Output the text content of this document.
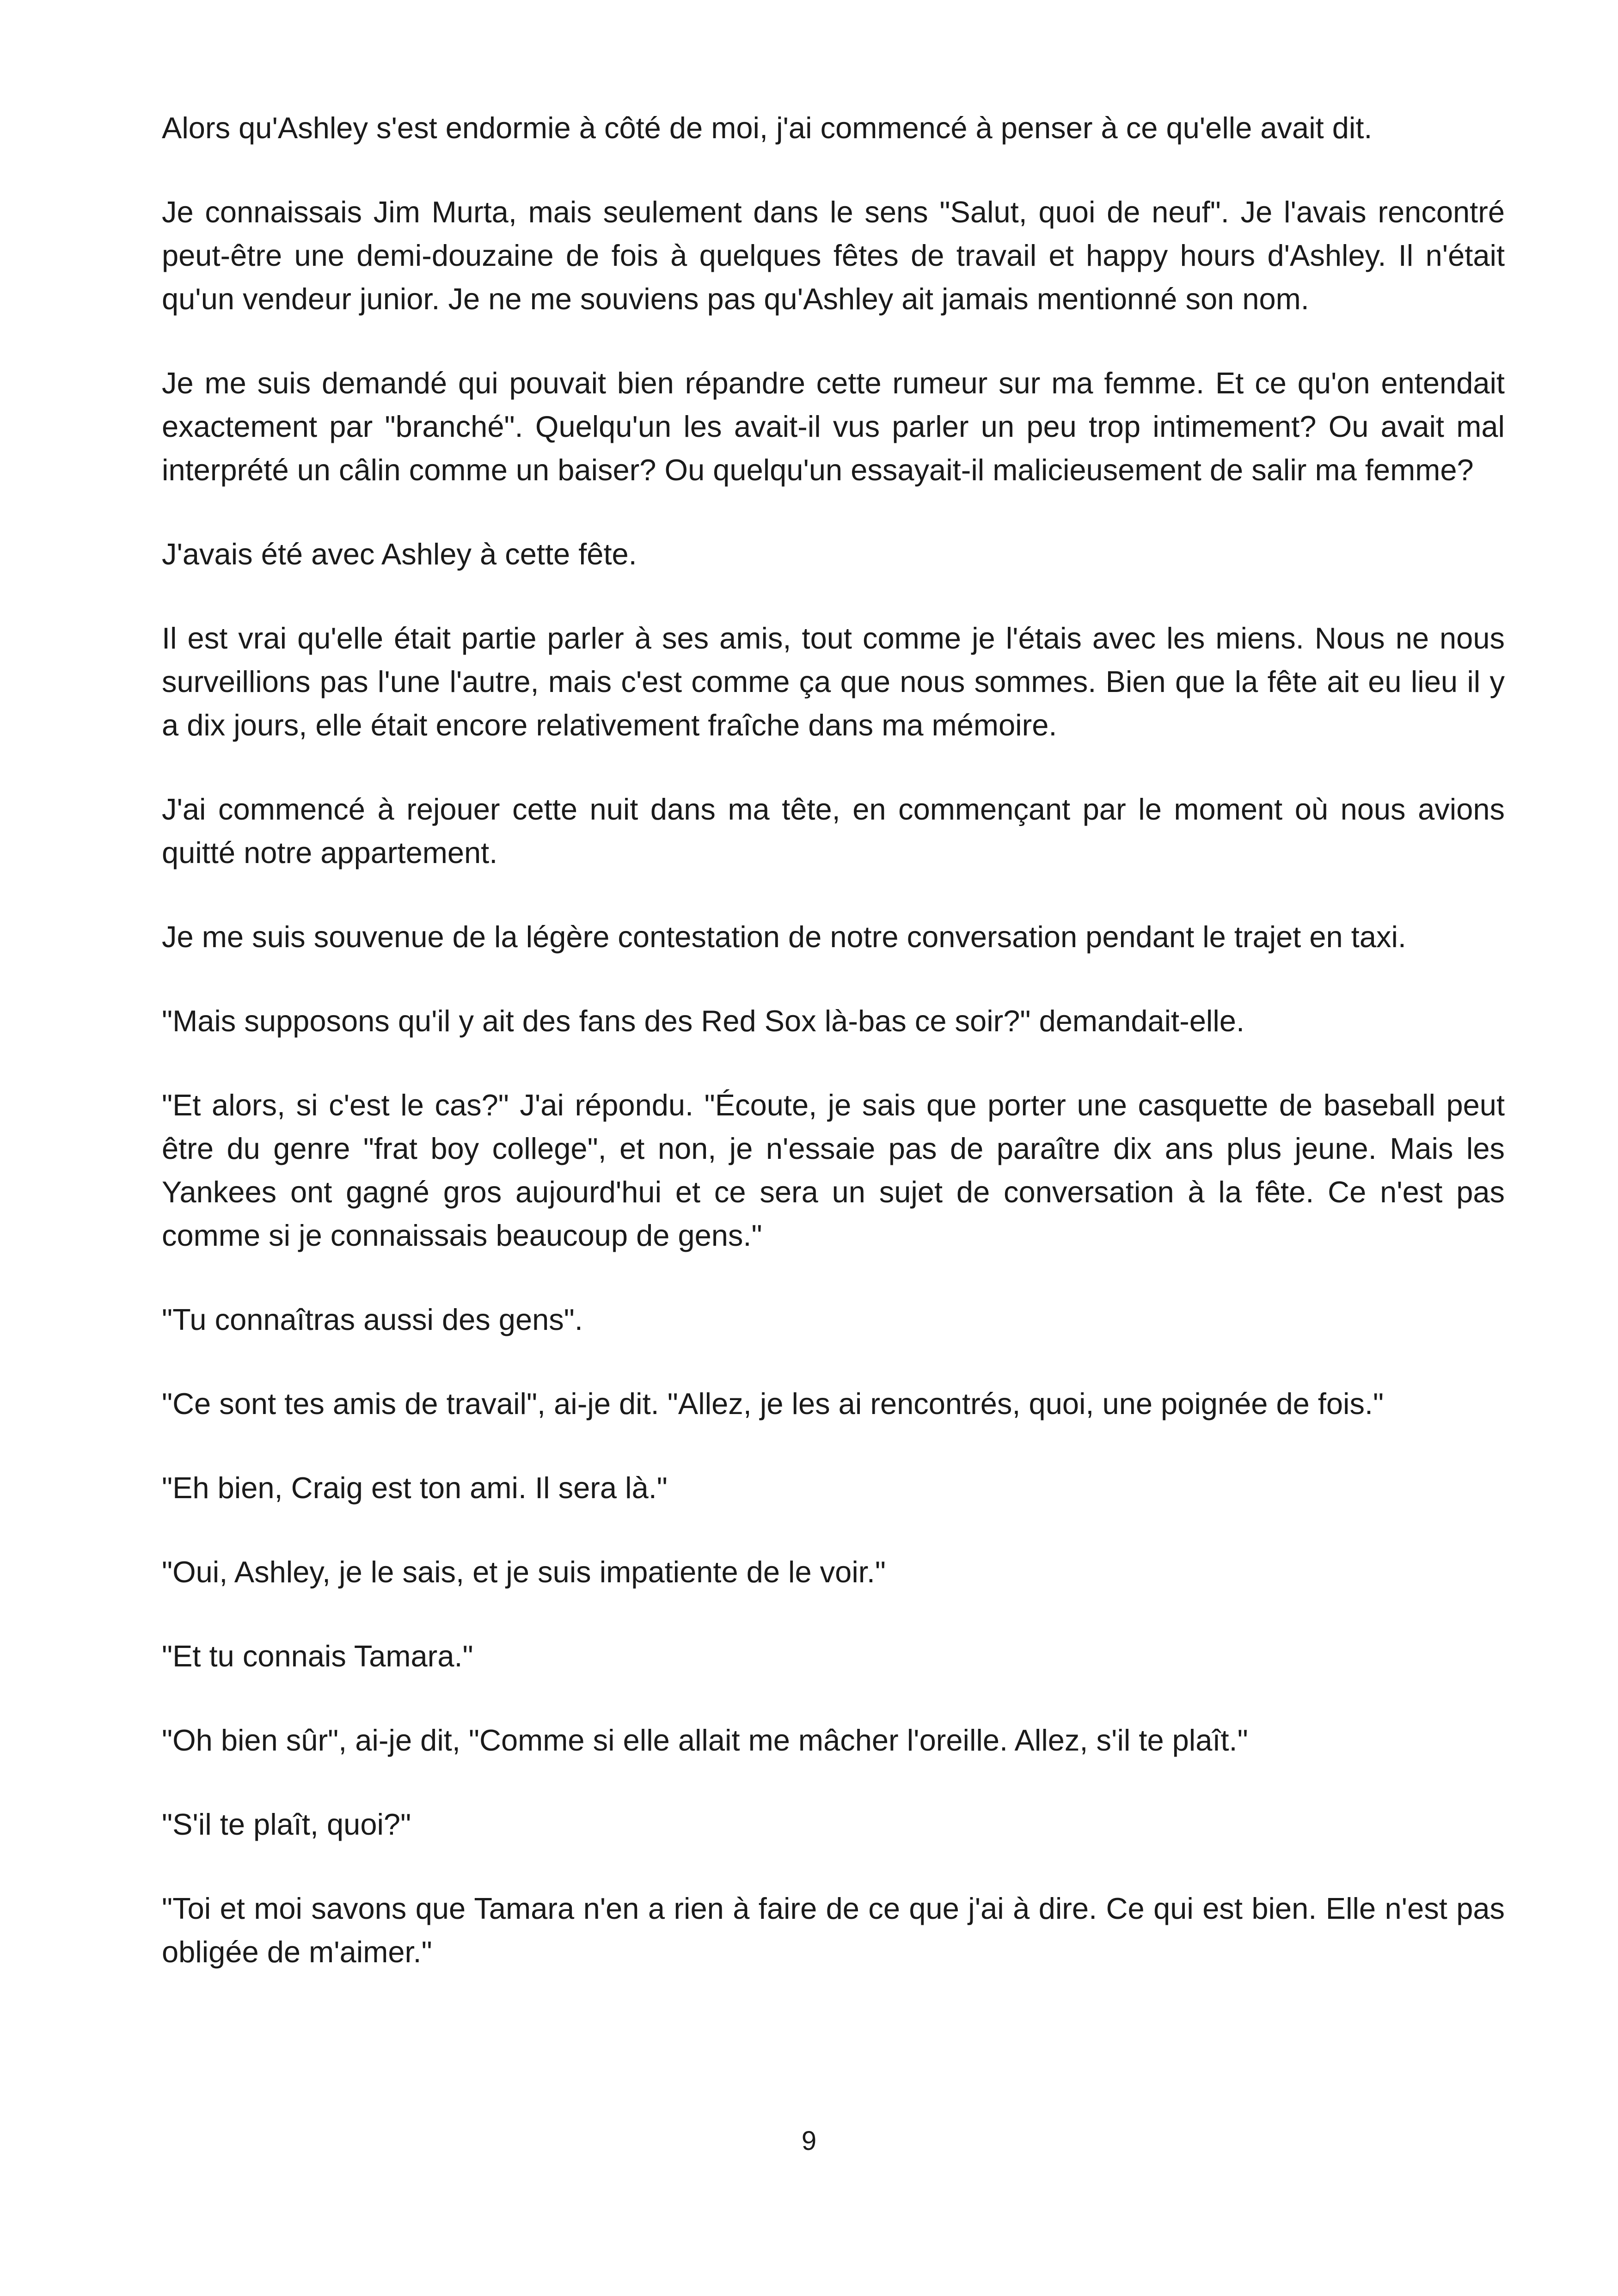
Alors qu'Ashley s'est endormie à côté de moi, j'ai commencé à penser à ce qu'elle avait dit.

Je connaissais Jim Murta, mais seulement dans le sens "Salut, quoi de neuf". Je l'avais rencontré peut-être une demi-douzaine de fois à quelques fêtes de travail et happy hours d'Ashley. Il n'était qu'un vendeur junior. Je ne me souviens pas qu'Ashley ait jamais mentionné son nom.

Je me suis demandé qui pouvait bien répandre cette rumeur sur ma femme. Et ce qu'on entendait exactement par "branché". Quelqu'un les avait-il vus parler un peu trop intimement? Ou avait mal interprété un câlin comme un baiser? Ou quelqu'un essayait-il malicieusement de salir ma femme?

J'avais été avec Ashley à cette fête.

Il est vrai qu'elle était partie parler à ses amis, tout comme je l'étais avec les miens. Nous ne nous surveillions pas l'une l'autre, mais c'est comme ça que nous sommes. Bien que la fête ait eu lieu il y a dix jours, elle était encore relativement fraîche dans ma mémoire.

J'ai commencé à rejouer cette nuit dans ma tête, en commençant par le moment où nous avions quitté notre appartement.

Je me suis souvenue de la légère contestation de notre conversation pendant le trajet en taxi.

"Mais supposons qu'il y ait des fans des Red Sox là-bas ce soir?" demandait-elle.

"Et alors, si c'est le cas?" J'ai répondu. "Écoute, je sais que porter une casquette de baseball peut être du genre "frat boy college", et non, je n'essaie pas de paraître dix ans plus jeune. Mais les Yankees ont gagné gros aujourd'hui et ce sera un sujet de conversation à la fête. Ce n'est pas comme si je connaissais beaucoup de gens."

"Tu connaîtras aussi des gens".

"Ce sont tes amis de travail", ai-je dit. "Allez, je les ai rencontrés, quoi, une poignée de fois."

"Eh bien, Craig est ton ami. Il sera là."

"Oui, Ashley, je le sais, et je suis impatiente de le voir."

"Et tu connais Tamara."

"Oh bien sûr", ai-je dit, "Comme si elle allait me mâcher l'oreille. Allez, s'il te plaît."

"S'il te plaît, quoi?"

"Toi et moi savons que Tamara n'en a rien à faire de ce que j'ai à dire. Ce qui est bien. Elle n'est pas obligée de m'aimer."

9
